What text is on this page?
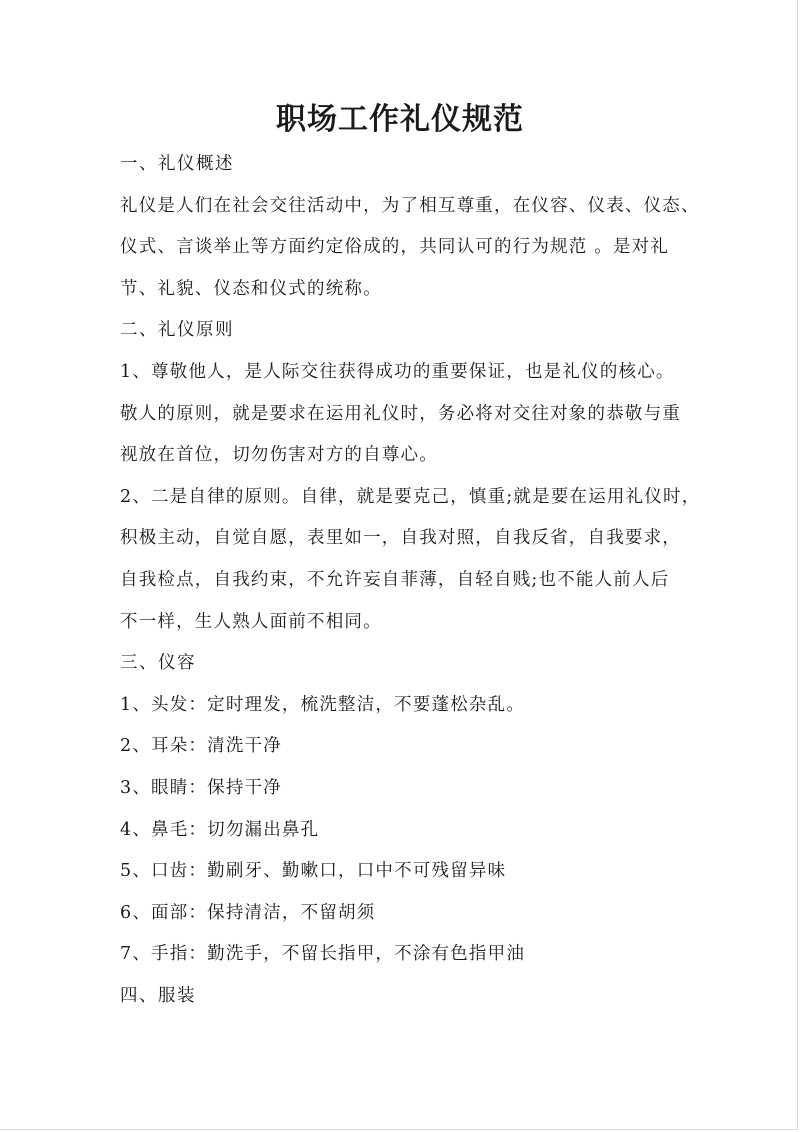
职场工作礼仪规范
一、礼仪概述
礼仪是人们在社会交往活动中，为了相互尊重，在仪容、仪表、仪态、
仪式、言谈举止等方面约定俗成的，共同认可的行为规范 。是对礼
节、礼貌、仪态和仪式的统称。
二、礼仪原则
1、尊敬他人，是人际交往获得成功的重要保证，也是礼仪的核心。
敬人的原则，就是要求在运用礼仪时，务必将对交往对象的恭敬与重
视放在首位，切勿伤害对方的自尊心。
2、二是自律的原则。自律，就是要克己，慎重;就是要在运用礼仪时，
积极主动，自觉自愿，表里如一，自我对照，自我反省，自我要求，
自我检点，自我约束，不允许妄自菲薄，自轻自贱;也不能人前人后
不一样，生人熟人面前不相同。
三、仪容
1、头发：定时理发，梳洗整洁，不要蓬松杂乱。
2、耳朵：清洗干净
3、眼睛：保持干净
4、鼻毛：切勿漏出鼻孔
5、口齿：勤刷牙、勤嗽口，口中不可残留异味
6、面部：保持清洁，不留胡须
7、手指：勤洗手，不留长指甲，不涂有色指甲油
四、服装
